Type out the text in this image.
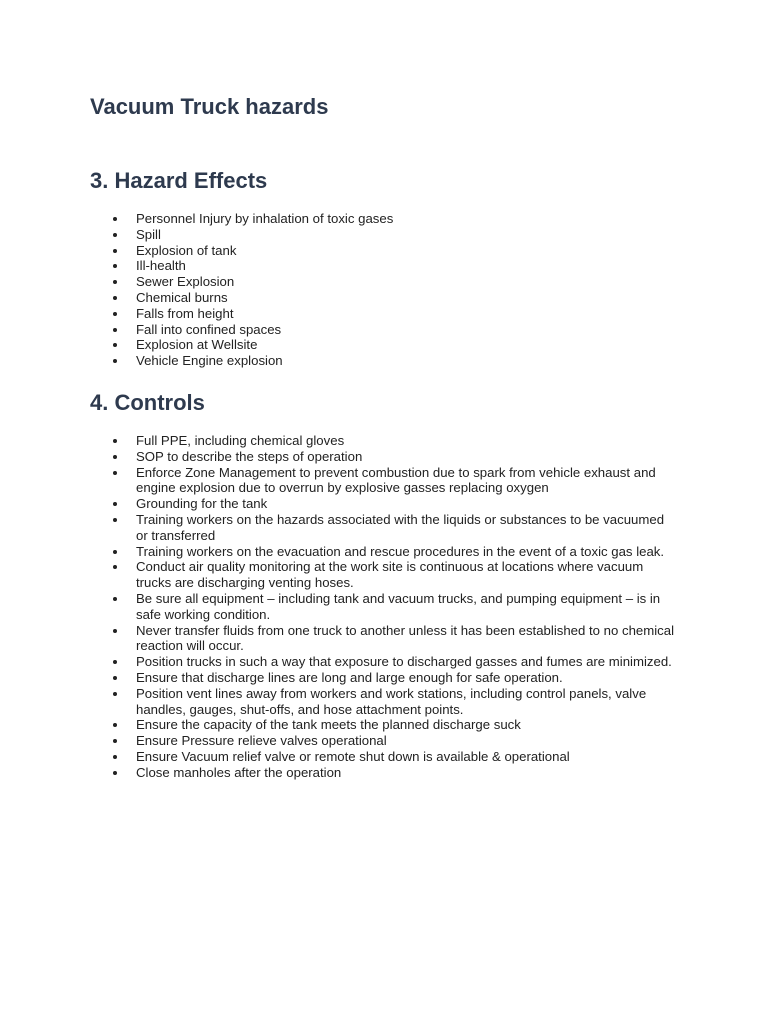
Vacuum Truck hazards
3. Hazard Effects
Personnel Injury by inhalation of toxic gases
Spill
Explosion of tank
Ill-health
Sewer Explosion
Chemical burns
Falls from height
Fall into confined spaces
Explosion at Wellsite
Vehicle Engine explosion
4. Controls
Full PPE, including chemical gloves
SOP to describe the steps of operation
Enforce Zone Management to prevent combustion due to spark from vehicle exhaust and engine explosion due to overrun by explosive gasses replacing oxygen
Grounding for the tank
Training workers on the hazards associated with the liquids or substances to be vacuumed or transferred
Training workers on the evacuation and rescue procedures in the event of a toxic gas leak.
Conduct air quality monitoring at the work site is continuous at locations where vacuum trucks are discharging venting hoses.
Be sure all equipment – including tank and vacuum trucks, and pumping equipment – is in safe working condition.
Never transfer fluids from one truck to another unless it has been established to no chemical reaction will occur.
Position trucks in such a way that exposure to discharged gasses and fumes are minimized.
Ensure that discharge lines are long and large enough for safe operation.
Position vent lines away from workers and work stations, including control panels, valve handles, gauges, shut-offs, and hose attachment points.
Ensure the capacity of the tank meets the planned discharge suck
Ensure Pressure relieve valves operational
Ensure Vacuum relief valve or remote shut down is available & operational
Close manholes after the operation
